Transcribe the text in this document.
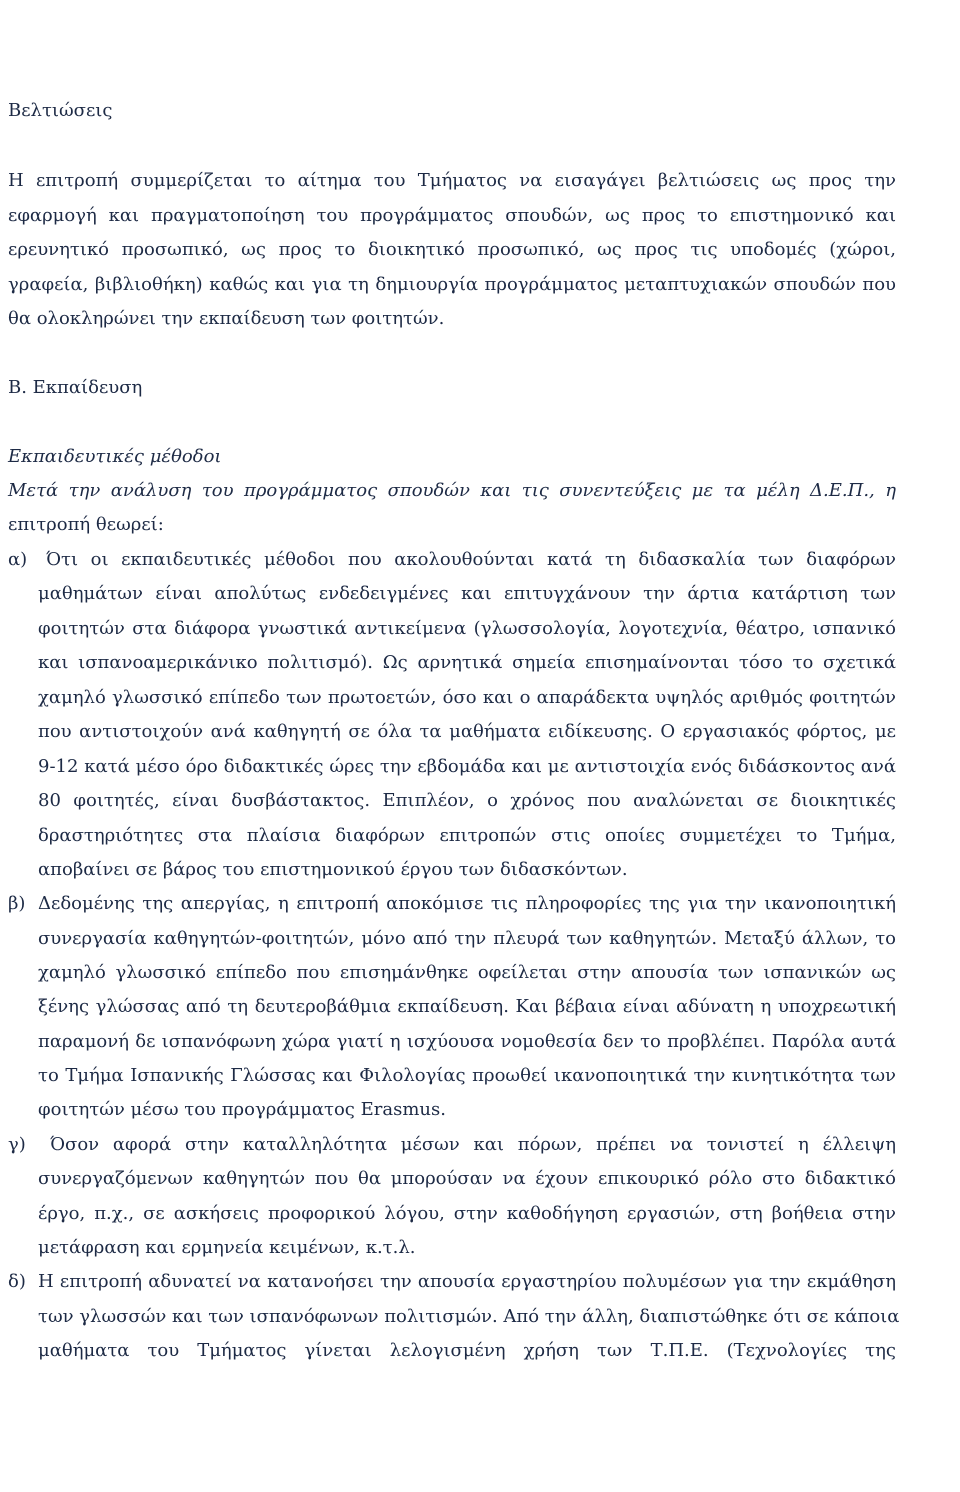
Βελτιώσεις

Η επιτροπή συμμερίζεται το αίτημα του Τμήματος να εισαγάγει βελτιώσεις ως προς την

εφαρμογή και πραγματοποίηση του προγράμματος σπουδών, ως προς το επιστημονικό και

ερευνητικό προσωπικό, ως προς το διοικητικό προσωπικό, ως προς τις υποδομές (χώροι,

γραφεία, βιβλιοθήκη) καθώς και για τη δημιουργία προγράμματος μεταπτυχιακών σπουδών που

θα ολοκληρώνει την εκπαίδευση των φοιτητών.

Β. Εκπαίδευση

Εκπαιδευτικές μέθοδοι

Μετά την ανάλυση του προγράμματος σπουδών και τις συνεντεύξεις με τα μέλη Δ.Ε.Π., η

επιτροπή θεωρεί:

α) Ότι οι εκπαιδευτικές μέθοδοι που ακολουθούνται κατά τη διδασκαλία των διαφόρων

μαθημάτων είναι απολύτως ενδεδειγμένες και επιτυγχάνουν την άρτια κατάρτιση των

φοιτητών στα διάφορα γνωστικά αντικείμενα (γλωσσολογία, λογοτεχνία, θέατρο, ισπανικό

και ισπανοαμερικάνικο πολιτισμό). Ως αρνητικά σημεία επισημαίνονται τόσο το σχετικά

χαμηλό γλωσσικό επίπεδο των πρωτοετών, όσο και ο απαράδεκτα υψηλός αριθμός φοιτητών

που αντιστοιχούν ανά καθηγητή σε όλα τα μαθήματα ειδίκευσης. Ο εργασιακός φόρτος, με

9-12 κατά μέσο όρο διδακτικές ώρες την εβδομάδα και με αντιστοιχία ενός διδάσκοντος ανά

80 φοιτητές, είναι δυσβάστακτος. Επιπλέον, ο χρόνος που αναλώνεται σε διοικητικές

δραστηριότητες στα πλαίσια διαφόρων επιτροπών στις οποίες συμμετέχει το Τμήμα,

αποβαίνει σε βάρος του επιστημονικού έργου των διδασκόντων.

β) Δεδομένης της απεργίας, η επιτροπή αποκόμισε τις πληροφορίες της για την ικανοποιητική

συνεργασία καθηγητών-φοιτητών, μόνο από την πλευρά των καθηγητών. Μεταξύ άλλων, το

χαμηλό γλωσσικό επίπεδο που επισημάνθηκε οφείλεται στην απουσία των ισπανικών ως

ξένης γλώσσας από τη δευτεροβάθμια εκπαίδευση. Και βέβαια είναι αδύνατη η υποχρεωτική

παραμονή δε ισπανόφωνη χώρα γιατί η ισχύουσα νομοθεσία δεν το προβλέπει. Παρόλα αυτά

το Τμήμα Ισπανικής Γλώσσας και Φιλολογίας προωθεί ικανοποιητικά την κινητικότητα των

φοιτητών μέσω του προγράμματος Erasmus.

γ) Όσον αφορά στην καταλληλότητα μέσων και πόρων, πρέπει να τονιστεί η έλλειψη

συνεργαζόμενων καθηγητών που θα μπορούσαν να έχουν επικουρικό ρόλο στο διδακτικό

έργο, π.χ., σε ασκήσεις προφορικού λόγου, στην καθοδήγηση εργασιών, στη βοήθεια στην

μετάφραση και ερμηνεία κειμένων, κ.τ.λ.

δ) Η επιτροπή αδυνατεί να κατανοήσει την απουσία εργαστηρίου πολυμέσων για την εκμάθηση

των γλωσσών και των ισπανόφωνων πολιτισμών. Από την άλλη, διαπιστώθηκε ότι σε κάποια

μαθήματα του Τμήματος γίνεται λελογισμένη χρήση των Τ.Π.Ε. (Τεχνολογίες της
